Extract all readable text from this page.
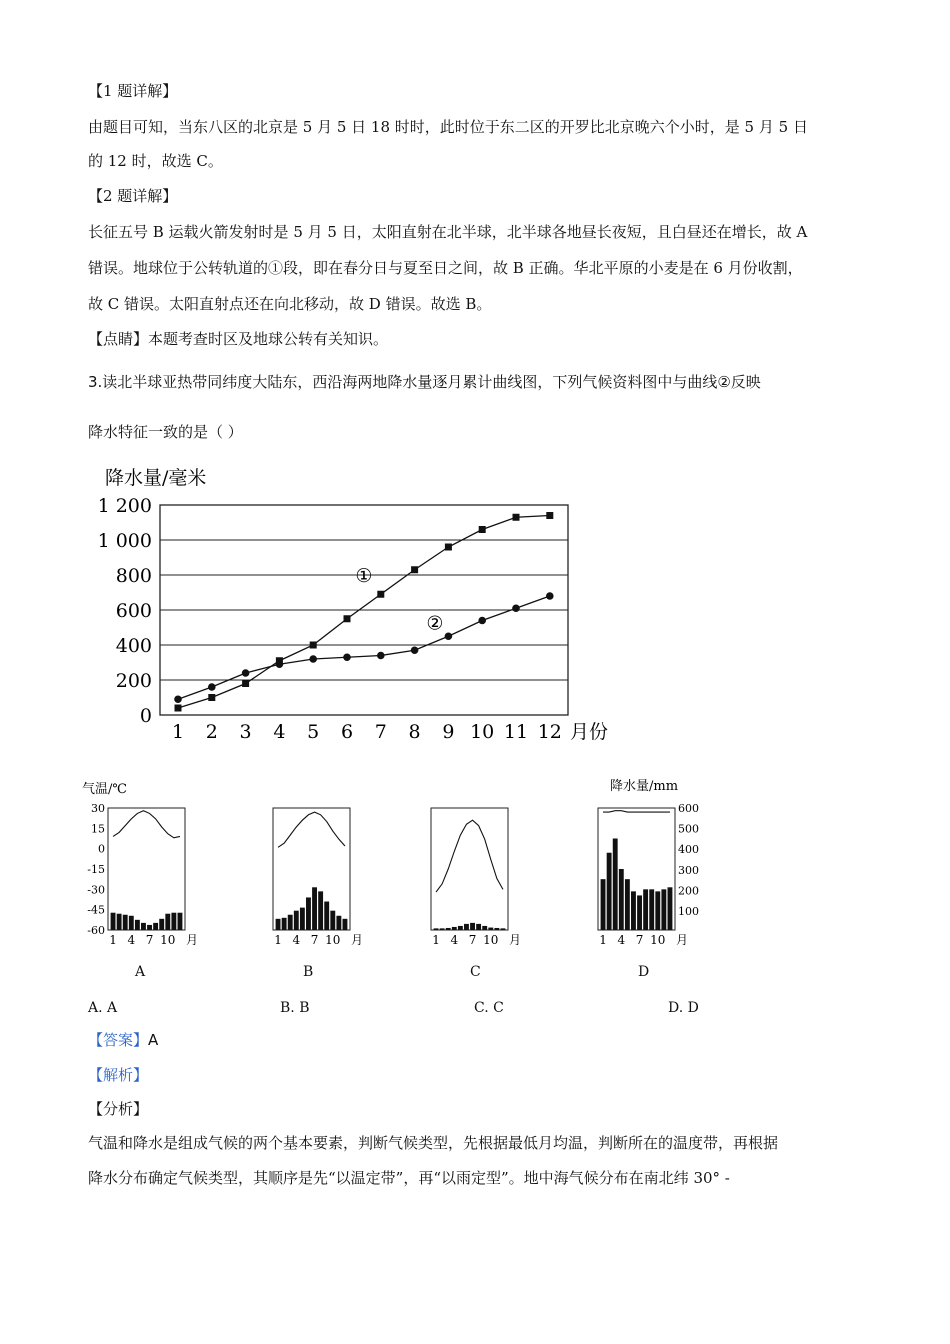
【1 题详解】
由题目可知，当东八区的北京是 5 月 5 日 18 时时，此时位于东二区的开罗比北京晚六个小时，是 5 月 5 日
的 12 时，故选 C。
【2 题详解】
长征五号 B 运载火箭发射时是 5 月 5 日，太阳直射在北半球，北半球各地昼长夜短，且白昼还在增长，故 A
错误。地球位于公转轨道的①段，即在春分日与夏至日之间，故 B 正确。华北平原的小麦是在 6 月份收割，
故 C 错误。太阳直射点还在向北移动，故 D 错误。故选 B。
【点睛】本题考查时区及地球公转有关知识。
3.读北半球亚热带同纬度大陆东，西沿海两地降水量逐月累计曲线图，下列气候资料图中与曲线②反映
降水特征一致的是（ ）
降水量/毫米
0
200
400
600
800
1 000
1 200
1 2 3 4 5 6 7 8 9 10 11 12 月份
①
②
气温/℃
30
15
0
-15
-30
-45
-60
1 4 7 10 月	1 4 7 10 月	1 4 7 10 月
降水量/mm
600
500
400
300
200
100
1 4 7 10 月
A	B	C	D
A. A	B. B	C. C	D. D
【答案】A
【解析】
【分析】
气温和降水是组成气候的两个基本要素，判断气候类型，先根据最低月均温，判断所在的温度带，再根据
降水分布确定气候类型，其顺序是先“以温定带”，再“以雨定型”。地中海气候分布在南北纬 30° -
